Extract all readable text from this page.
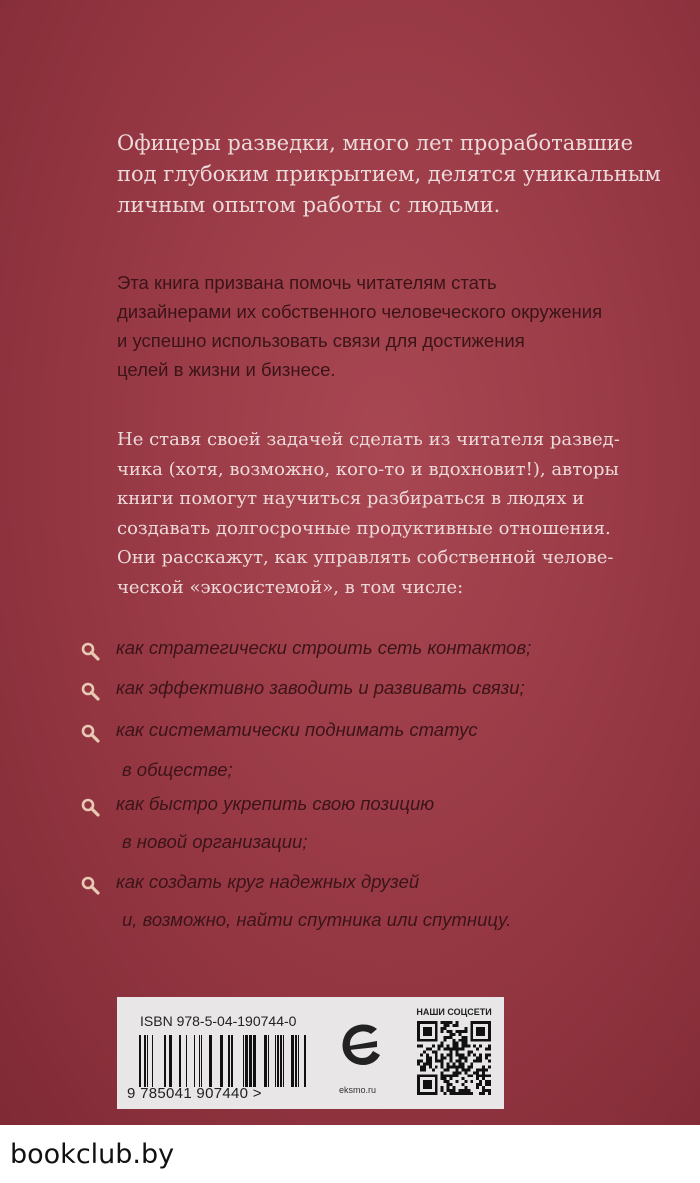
Офицеры разведки, много лет проработавшие
под глубоким прикрытием, делятся уникальным
личным опытом работы с людьми.

Эта книга призвана помочь читателям стать
дизайнерами их собственного человеческого окружения
и успешно использовать связи для достижения
целей в жизни и бизнесе.

Не ставя своей задачей сделать из читателя развед-
чика (хотя, возможно, кого-то и вдохновит!), авторы
книги помогут научиться разбираться в людях и
создавать долгосрочные продуктивные отношения.
Они расскажут, как управлять собственной челове-
ческой «экосистемой», в том числе:

как стратегически строить сеть контактов;
как эффективно заводить и развивать связи;
как систематически поднимать статус
в обществе;
как быстро укрепить свою позицию
в новой организации;
как создать круг надежных друзей
и, возможно, найти спутника или спутницу.
ISBN 978-5-04-190744-0
9 785041 907440 >	eksmo.ru
НАШИ СОЦСЕТИ
bookclub.by
